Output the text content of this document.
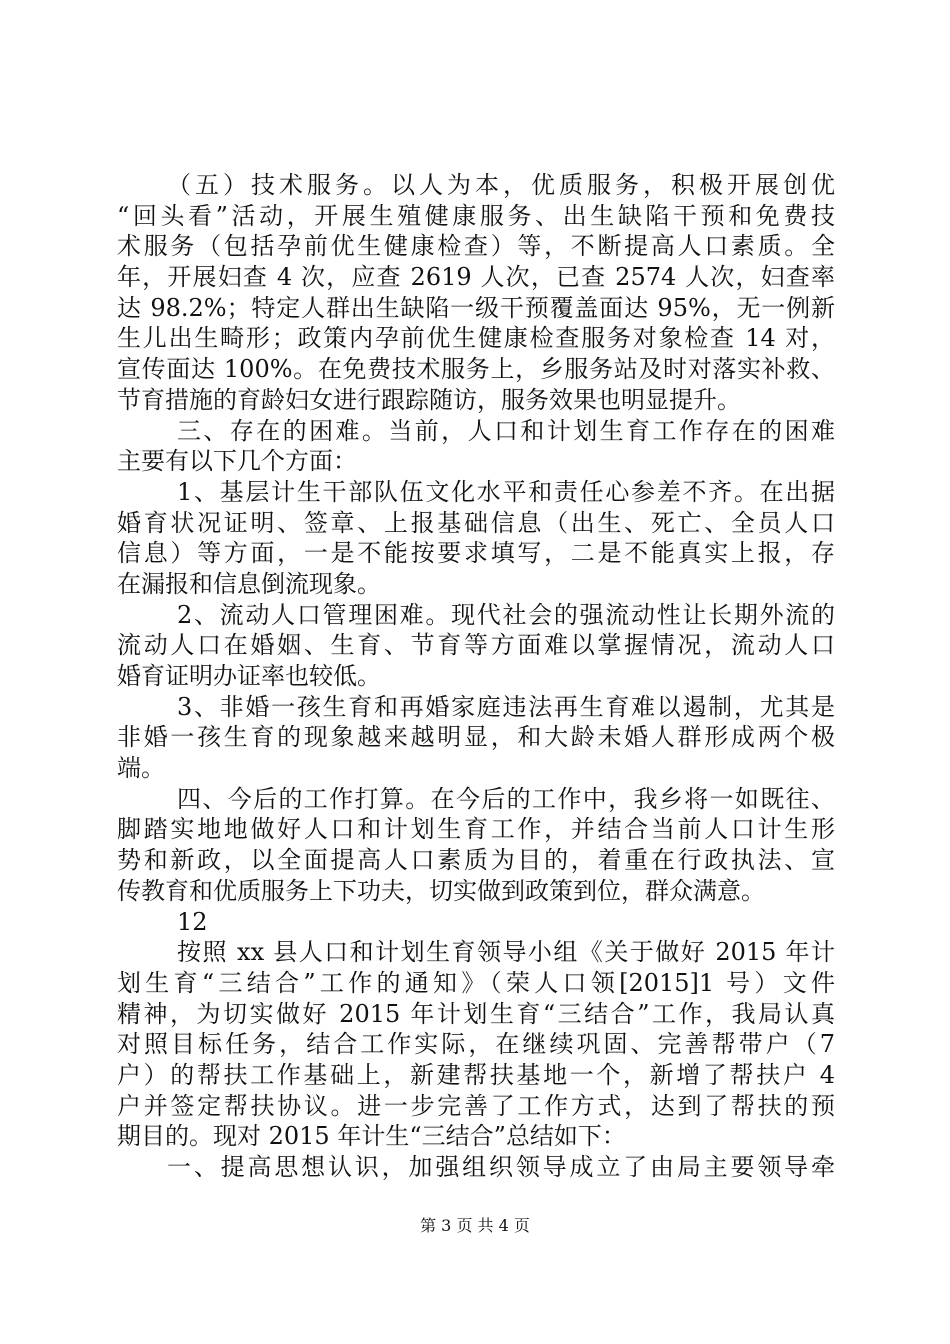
（五）技术服务。以人为本，优质服务，积极开展创优
“回头看”活动，开展生殖健康服务、出生缺陷干预和免费技
术服务（包括孕前优生健康检查）等，不断提高人口素质。全
年，开展妇查 4 次，应查 2619 人次，已查 2574 人次，妇查率
达 98.2%；特定人群出生缺陷一级干预覆盖面达 95%，无一例新
生儿出生畸形；政策内孕前优生健康检查服务对象检查 14 对，
宣传面达 100%。在免费技术服务上，乡服务站及时对落实补救、
节育措施的育龄妇女进行跟踪随访，服务效果也明显提升。
三、存在的困难。当前，人口和计划生育工作存在的困难
主要有以下几个方面：
1、基层计生干部队伍文化水平和责任心参差不齐。在出据
婚育状况证明、签章、上报基础信息（出生、死亡、全员人口
信息）等方面，一是不能按要求填写，二是不能真实上报，存
在漏报和信息倒流现象。
2、流动人口管理困难。现代社会的强流动性让长期外流的
流动人口在婚姻、生育、节育等方面难以掌握情况，流动人口
婚育证明办证率也较低。
3、非婚一孩生育和再婚家庭违法再生育难以遏制，尤其是
非婚一孩生育的现象越来越明显，和大龄未婚人群形成两个极
端。
四、今后的工作打算。在今后的工作中，我乡将一如既往、
脚踏实地地做好人口和计划生育工作，并结合当前人口计生形
势和新政，以全面提高人口素质为目的，着重在行政执法、宣
传教育和优质服务上下功夫，切实做到政策到位，群众满意。
12
按照 xx 县人口和计划生育领导小组《关于做好 2015 年计
划生育“三结合”工作的通知》（荣人口领[2015]1 号）文件
精神，为切实做好 2015 年计划生育“三结合”工作，我局认真
对照目标任务，结合工作实际，在继续巩固、完善帮带户（7
户）的帮扶工作基础上，新建帮扶基地一个，新增了帮扶户 4
户并签定帮扶协议。进一步完善了工作方式，达到了帮扶的预
期目的。现对 2015 年计生“三结合”总结如下：
一、提高思想认识，加强组织领导成立了由局主要领导牵
第 3 页 共 4 页
